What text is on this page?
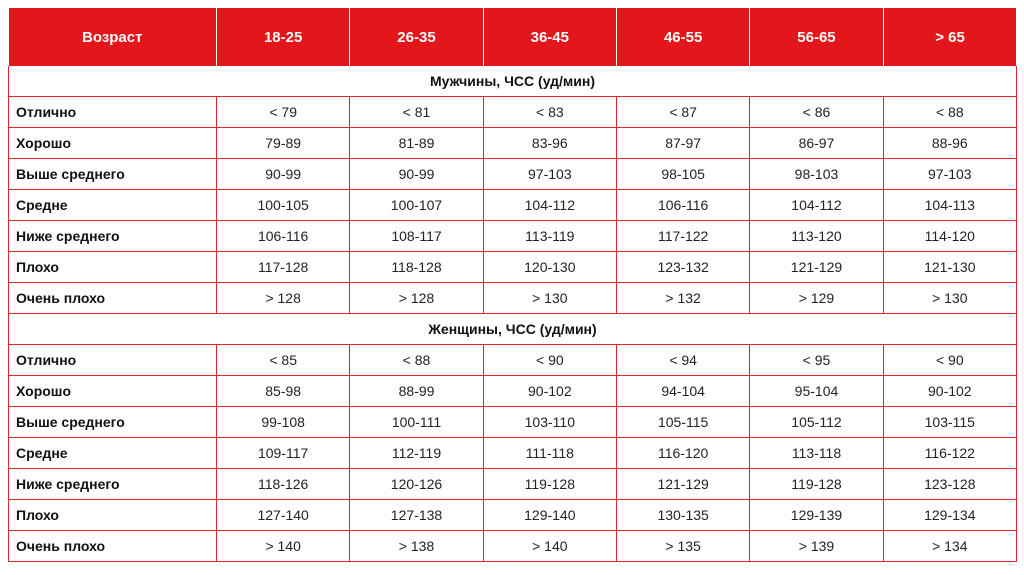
Возраст	18-25	26-35	36-45	46-55	56-65	> 65
Мужчины, ЧСС (уд/мин)						
Отлично	< 79	< 81	< 83	< 87	< 86	< 88
Хорошо	79-89	81-89	83-96	87-97	86-97	88-96
Выше среднего	90-99	90-99	97-103	98-105	98-103	97-103
Средне	100-105	100-107	104-112	106-116	104-112	104-113
Ниже среднего	106-116	108-117	113-119	117-122	113-120	114-120
Плохо	117-128	118-128	120-130	123-132	121-129	121-130
Очень плохо	> 128	> 128	> 130	> 132	> 129	> 130
Женщины, ЧСС (уд/мин)						
Отлично	< 85	< 88	< 90	< 94	< 95	< 90
Хорошо	85-98	88-99	90-102	94-104	95-104	90-102
Выше среднего	99-108	100-111	103-110	105-115	105-112	103-115
Средне	109-117	112-119	111-118	116-120	113-118	116-122
Ниже среднего	118-126	120-126	119-128	121-129	119-128	123-128
Плохо	127-140	127-138	129-140	130-135	129-139	129-134
Очень плохо	> 140	> 138	> 140	> 135	> 139	> 134
